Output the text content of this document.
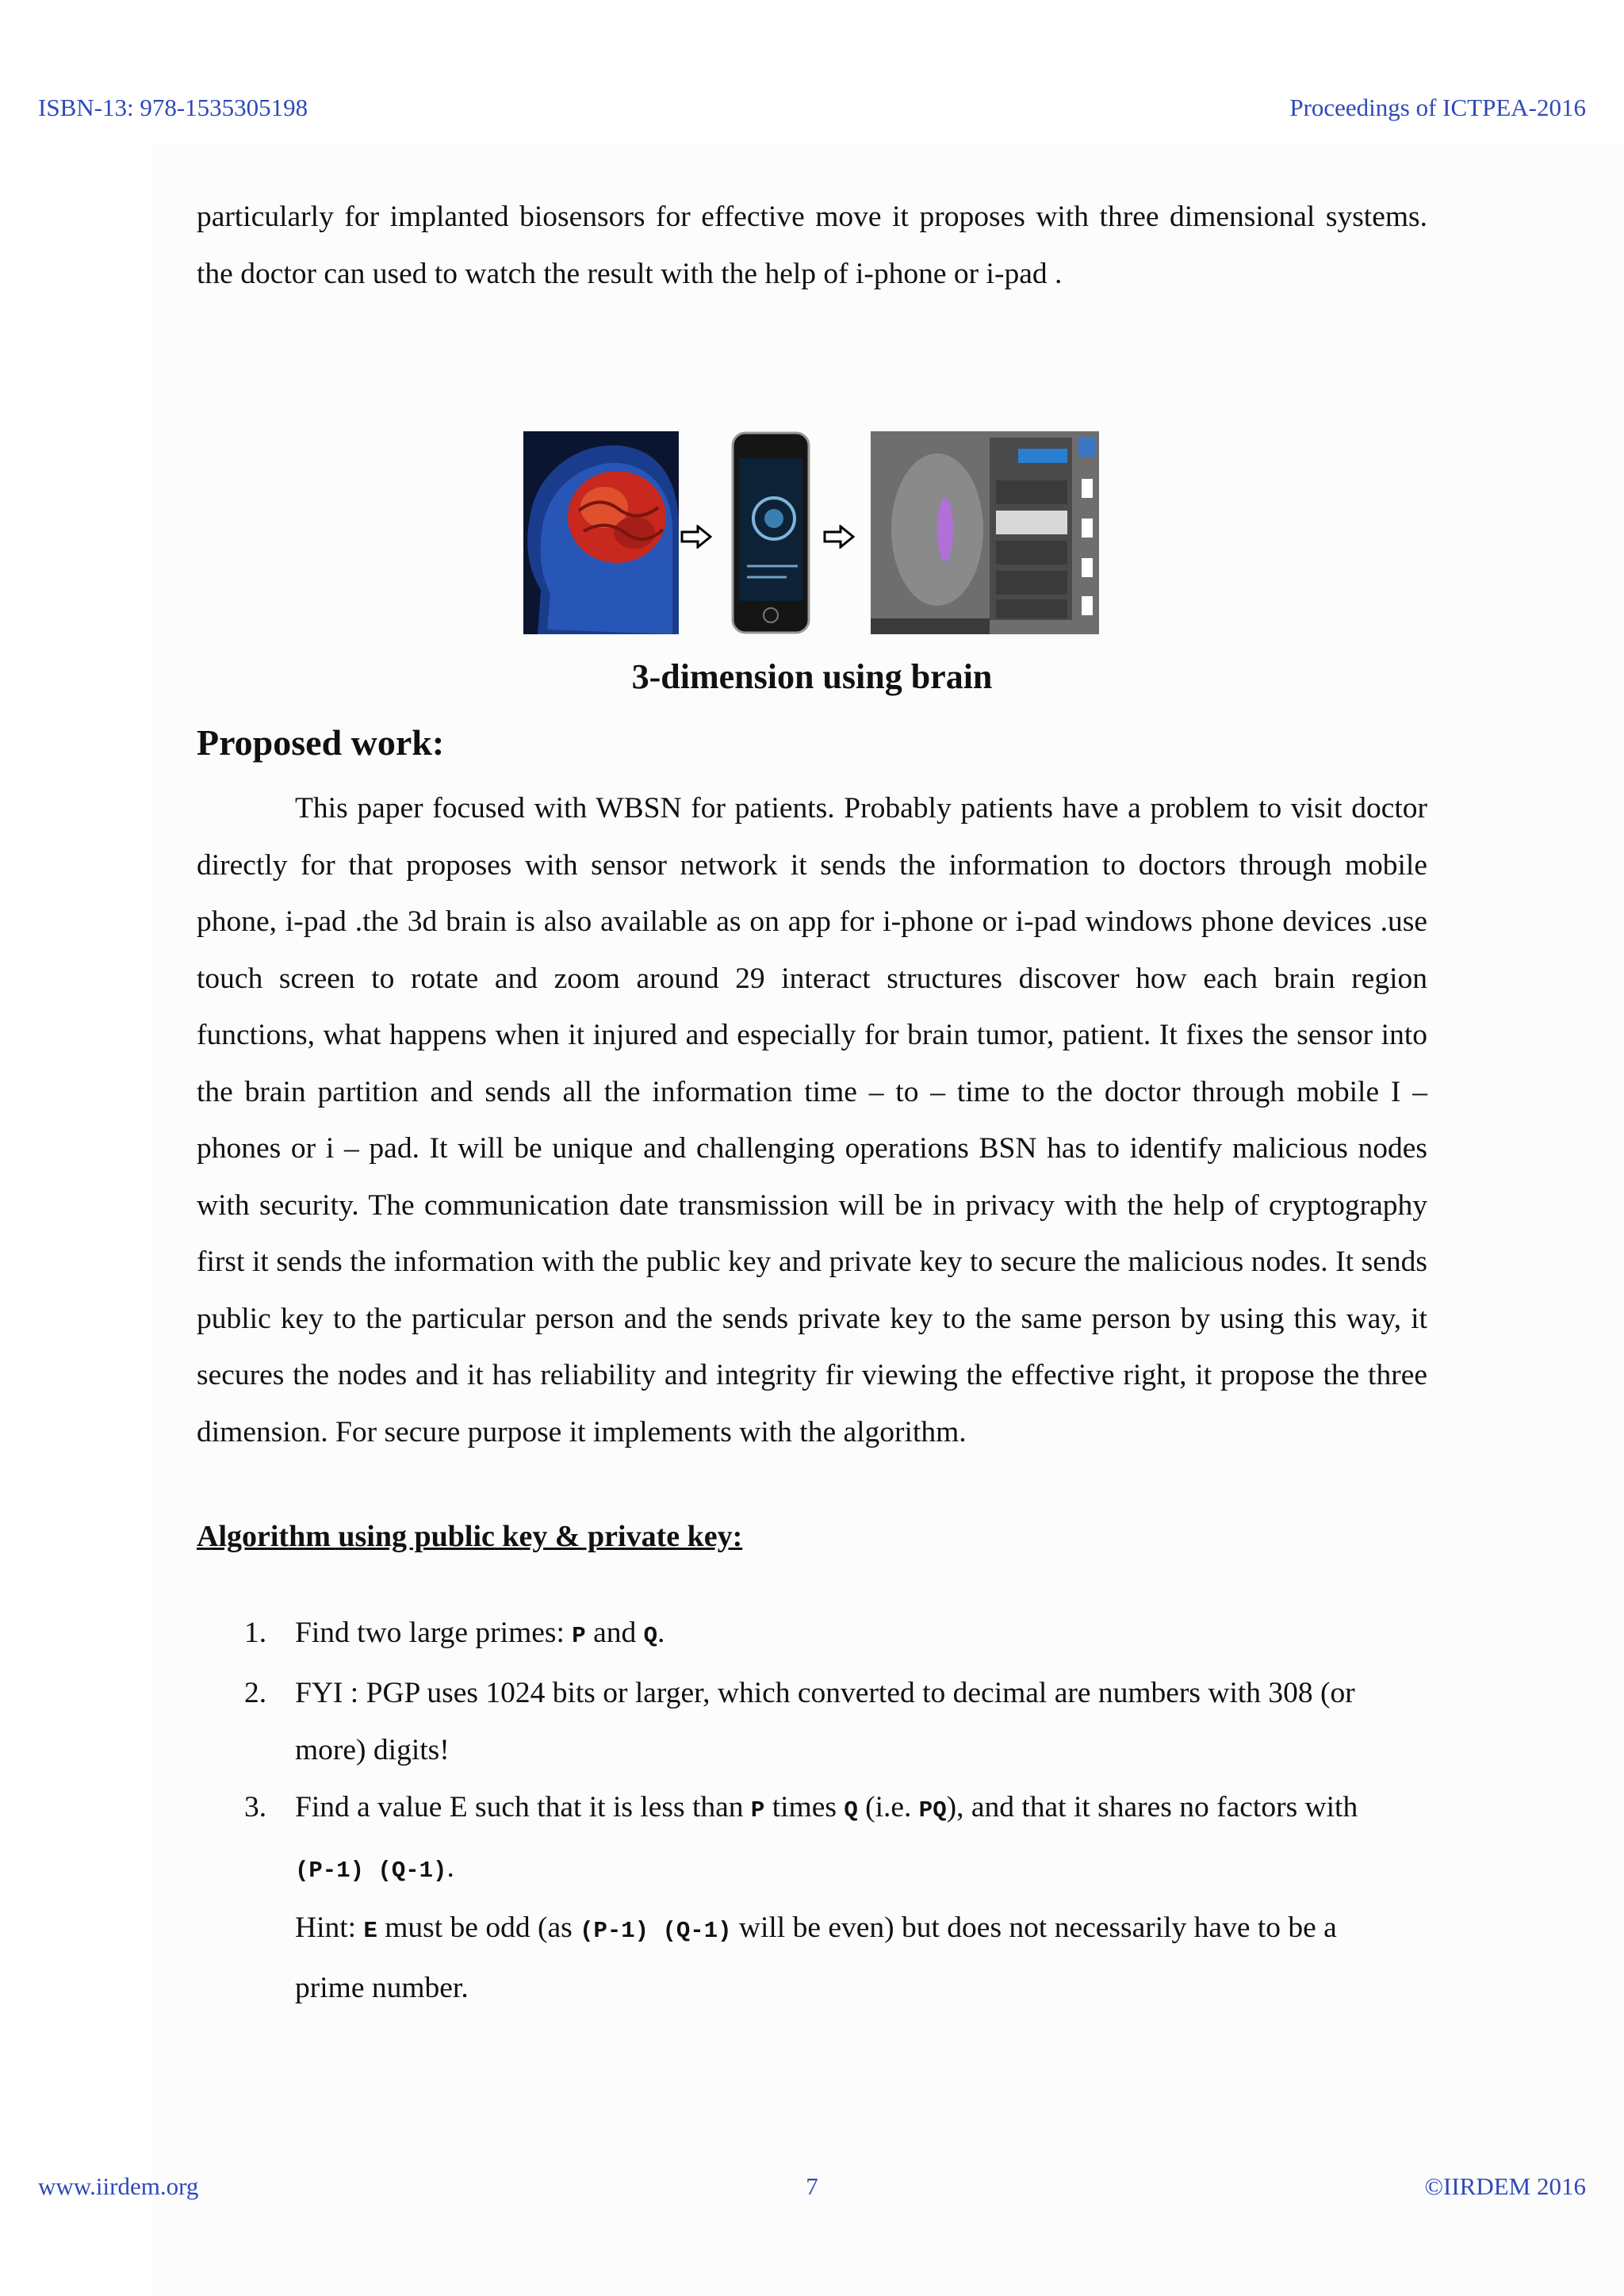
ISBN-13: 978-1535305198	Proceedings of ICTPEA-2016

particularly for implanted biosensors for effective move it proposes with three dimensional systems. the doctor can used to watch the result with the help of i-phone or i-pad .

3-dimension using brain
Proposed work:

This paper focused with WBSN for patients. Probably patients have a problem to visit doctor directly for that proposes with sensor network it sends the information to doctors through mobile phone, i-pad .the 3d brain is also available as on app for i-phone or i-pad windows phone devices .use touch screen to rotate and zoom around 29 interact structures discover how each brain region functions, what happens when it injured and especially for brain tumor, patient. It fixes the sensor into the brain partition and sends all the information time – to – time to the doctor through mobile I – phones or i – pad. It will be unique and challenging operations BSN has to identify malicious nodes with security. The communication date transmission will be in privacy with the help of cryptography first it sends the information with the public key and private key to secure the malicious nodes. It sends public key to the particular person and the sends private key to the same person by using this way, it secures the nodes and it has reliability and integrity fir viewing the effective right, it propose the three dimension. For secure purpose it implements with the algorithm.

Algorithm using public key & private key:
1. Find two large primes: P and Q.
2. FYI : PGP uses 1024 bits or larger, which converted to decimal are numbers with 308 (or more) digits!
3. Find a value E such that it is less than P times Q (i.e. PQ), and that it shares no factors with (P-1) (Q-1).
Hint: E must be odd (as (P-1) (Q-1) will be even) but does not necessarily have to be a prime number.
www.iirdem.org	7	©IIRDEM 2016
